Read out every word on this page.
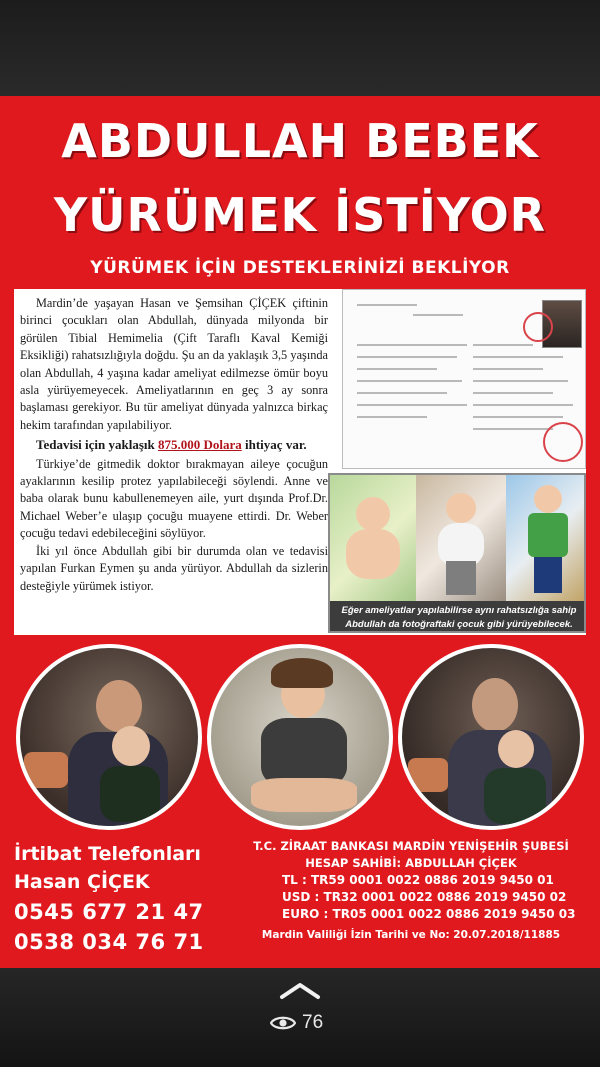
ABDULLAH BEBEK
YÜRÜMEK İSTİYOR
YÜRÜMEK İÇİN DESTEKLERİNİZİ BEKLİYOR

Mardin’de yaşayan Hasan ve Şemsihan ÇİÇEK çiftinin birinci çocukları olan Abdullah, dünyada milyonda bir görülen Tibial Hemimelia (Çift Taraflı Kaval Kemiği Eksikliği) rahatsızlığıyla doğdu. Şu an da yaklaşık 3,5 yaşında olan Abdullah, 4 yaşına kadar ameliyat edilmezse ömür boyu asla yürüyemeyecek. Ameliyatlarının en geç 3 ay sonra başlaması gerekiyor. Bu tür ameliyat dünyada yalnızca birkaç hekim tarafından yapılabiliyor.

Tedavisi için yaklaşık 875.000 Dolara ihtiyaç var.

Türkiye’de gitmedik doktor bırakmayan aileye çocuğun ayaklarının kesilip protez yapılabileceği söylendi. Anne ve baba olarak bunu kabullenemeyen aile, yurt dışında Prof.Dr. Michael Weber’e ulaşıp çocuğu muayene ettirdi. Dr. Weber çocuğu tedavi edebileceğini söylüyor.

İki yıl önce Abdullah gibi bir durumda olan ve tedavisi yapılan Furkan Eymen şu anda yürüyor. Abdullah da sizlerin desteğiyle yürümek istiyor.

Eğer ameliyatlar yapılabilirse aynı rahatsızlığa sahip Abdullah da fotoğraftaki çocuk gibi yürüyebilecek.
İrtibat Telefonları
Hasan ÇİÇEK
0545 677 21 47
0538 034 76 71
T.C. ZİRAAT BANKASI MARDİN YENİŞEHİR ŞUBESİ
HESAP SAHİBİ: ABDULLAH ÇİÇEK
TL : TR59 0001 0022 0886 2019 9450 01
USD : TR32 0001 0022 0886 2019 9450 02
EURO : TR05 0001 0022 0886 2019 9450 03
Mardin Valiliği İzin Tarihi ve No: 20.07.2018/11885
76
